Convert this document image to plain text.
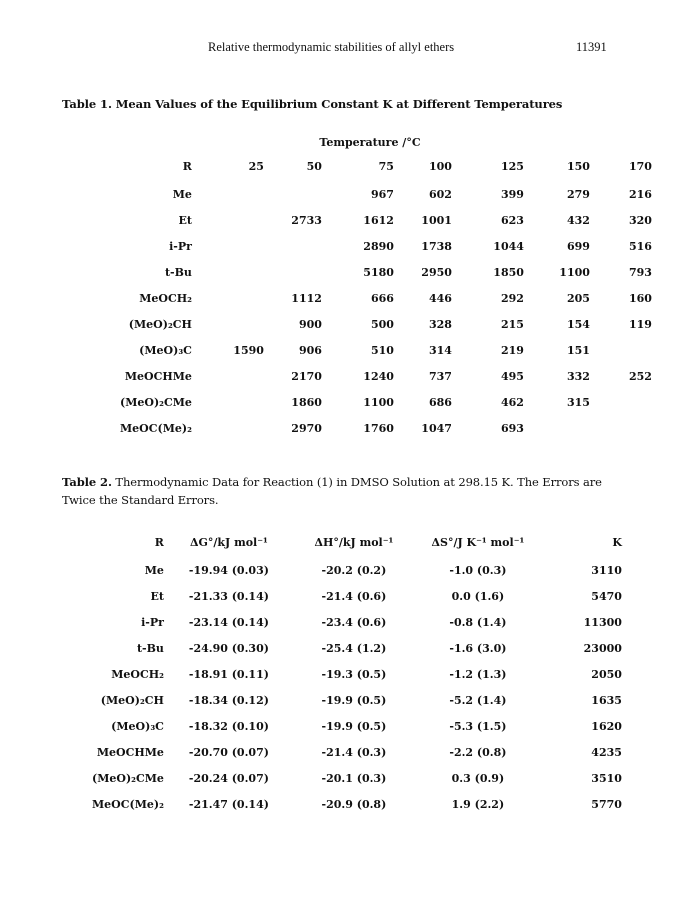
Relative thermodynamic stabilities of allyl ethers	11391
Table 1. Mean Values of the Equilibrium Constant K at Different Temperatures
Temperature /°C
R	25	50	75	100	125	150	170
Me			967	602	399	279	216
Et		2733	1612	1001	623	432	320
i-Pr			2890	1738	1044	699	516
t-Bu			5180	2950	1850	1100	793
MeOCH₂		1112	666	446	292	205	160
(MeO)₂CH		900	500	328	215	154	119
(MeO)₃C	1590	906	510	314	219	151	
MeOCHMe		2170	1240	737	495	332	252
(MeO)₂CMe		1860	1100	686	462	315	
MeOC(Me)₂		2970	1760	1047	693		
Table 2. Thermodynamic Data for Reaction (1) in DMSO Solution at 298.15 K. The Errors are Twice the Standard Errors.
R	ΔG°/kJ mol⁻¹	ΔH°/kJ mol⁻¹	ΔS°/J K⁻¹ mol⁻¹	K
Me	-19.94 (0.03)	-20.2 (0.2)	-1.0 (0.3)	3110
Et	-21.33 (0.14)	-21.4 (0.6)	0.0 (1.6)	5470
i-Pr	-23.14 (0.14)	-23.4 (0.6)	-0.8 (1.4)	11300
t-Bu	-24.90 (0.30)	-25.4 (1.2)	-1.6 (3.0)	23000
MeOCH₂	-18.91 (0.11)	-19.3 (0.5)	-1.2 (1.3)	2050
(MeO)₂CH	-18.34 (0.12)	-19.9 (0.5)	-5.2 (1.4)	1635
(MeO)₃C	-18.32 (0.10)	-19.9 (0.5)	-5.3 (1.5)	1620
MeOCHMe	-20.70 (0.07)	-21.4 (0.3)	-2.2 (0.8)	4235
(MeO)₂CMe	-20.24 (0.07)	-20.1 (0.3)	0.3 (0.9)	3510
MeOC(Me)₂	-21.47 (0.14)	-20.9 (0.8)	1.9 (2.2)	5770
